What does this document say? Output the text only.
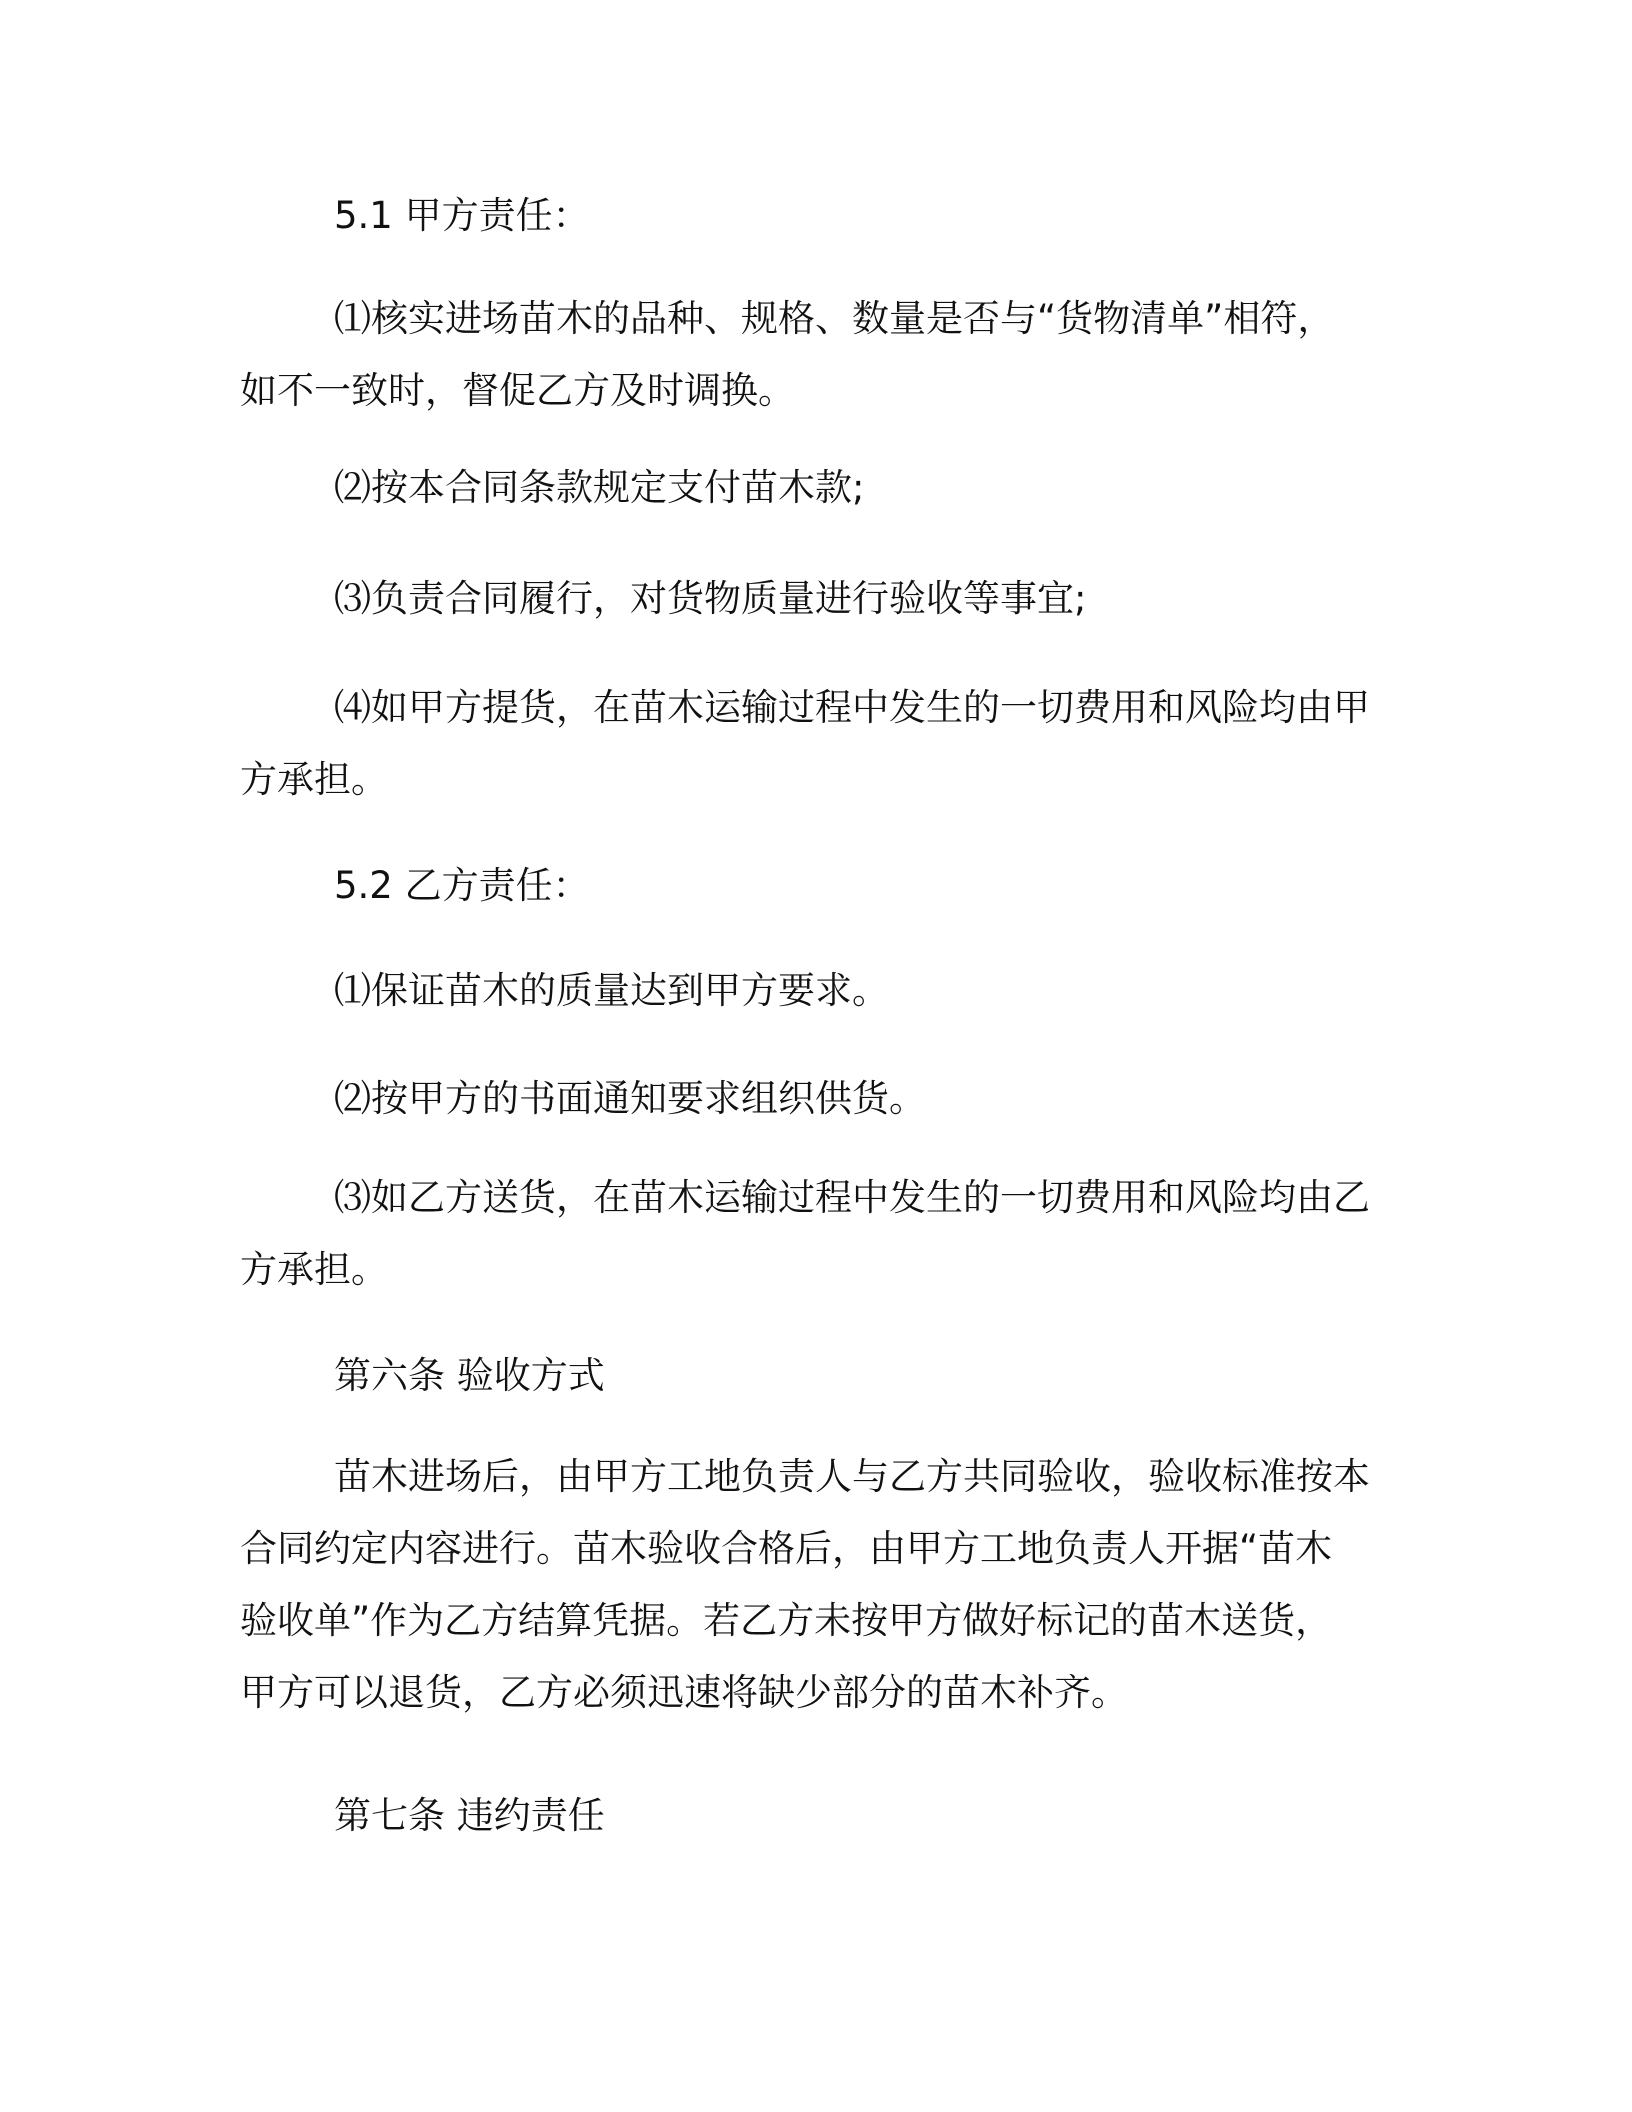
5.1 甲方责任：
⑴核实进场苗木的品种、规格、数量是否与“货物清单”相符，
如不一致时，督促乙方及时调换。
⑵按本合同条款规定支付苗木款;
⑶负责合同履行，对货物质量进行验收等事宜;
⑷如甲方提货，在苗木运输过程中发生的一切费用和风险均由甲
方承担。
5.2 乙方责任：
⑴保证苗木的质量达到甲方要求。
⑵按甲方的书面通知要求组织供货。
⑶如乙方送货，在苗木运输过程中发生的一切费用和风险均由乙
方承担。
第六条 验收方式
苗木进场后，由甲方工地负责人与乙方共同验收，验收标准按本
合同约定内容进行。苗木验收合格后，由甲方工地负责人开据“苗木
验收单”作为乙方结算凭据。若乙方未按甲方做好标记的苗木送货，
甲方可以退货，乙方必须迅速将缺少部分的苗木补齐。
第七条 违约责任
